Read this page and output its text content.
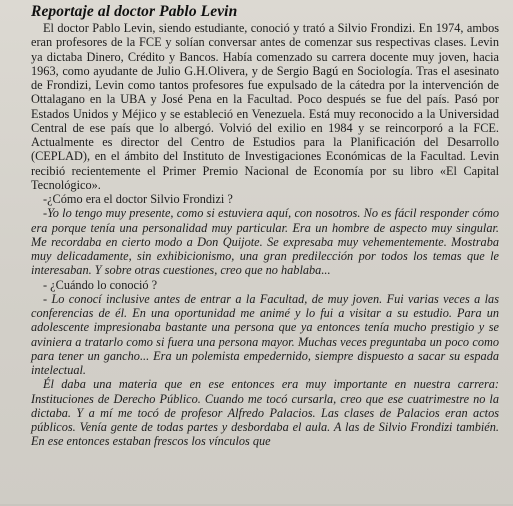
Reportaje al doctor Pablo Levin

El doctor Pablo Levin, siendo estudiante, conoció y trató a Silvio Frondizi. En 1974, ambos eran profesores de la FCE y solían conversar antes de comenzar sus respectivas clases. Levin ya dictaba Dinero, Crédito y Bancos. Había comenzado su carrera docente muy joven, hacia 1963, como ayudante de Julio G.H.Olivera, y de Sergio Bagú en Sociología. Tras el asesinato de Frondizi, Levin como tantos profesores fue expulsado de la cátedra por la intervención de Ottalagano en la UBA y José Pena en la Facultad. Poco después se fue del país. Pasó por Estados Unidos y Méjico y se estableció en Venezuela. Está muy reconocido a la Universidad Central de ese país que lo albergó. Volvió del exilio en 1984 y se reincorporó a la FCE. Actualmente es director del Centro de Estudios para la Planificación del Desarrollo (CEPLAD), en el ámbito del Instituto de Investigaciones Económicas de la Facultad. Levin recibió recientemente el Primer Premio Nacional de Economía por su libro «El Capital Tecnológico».

-¿Cómo era el doctor Silvio Frondizi ?

-Yo lo tengo muy presente, como si estuviera aquí, con nosotros. No es fácil responder cómo era porque tenía una personalidad muy particular. Era un hombre de aspecto muy singular. Me recordaba en cierto modo a Don Quijote. Se expresaba muy vehementemente. Mostraba muy delicadamente, sin exhibicionismo, una gran predilección por todos los temas que le interesaban. Y sobre otras cuestiones, creo que no hablaba...

- ¿Cuándo lo conoció ?

- Lo conocí inclusive antes de entrar a la Facultad, de muy joven. Fui varias veces a las conferencias de él. En una oportunidad me animé y lo fui a visitar a su estudio. Para un adolescente impresionaba bastante una persona que ya entonces tenía mucho prestigio y se aviniera a tratarlo como si fuera una persona mayor. Muchas veces preguntaba un poco como para tener un gancho... Era un polemista empedernido, siempre dispuesto a sacar su espada intelectual.

Él daba una materia que en ese entonces era muy importante en nuestra carrera: Instituciones de Derecho Público. Cuando me tocó cursarla, creo que ese cuatrimestre no la dictaba. Y a mí me tocó de profesor Alfredo Palacios. Las clases de Palacios eran actos públicos. Venía gente de todas partes y desbordaba el aula. A las de Silvio Frondizi también. En ese entonces estaban frescos los vínculos que
